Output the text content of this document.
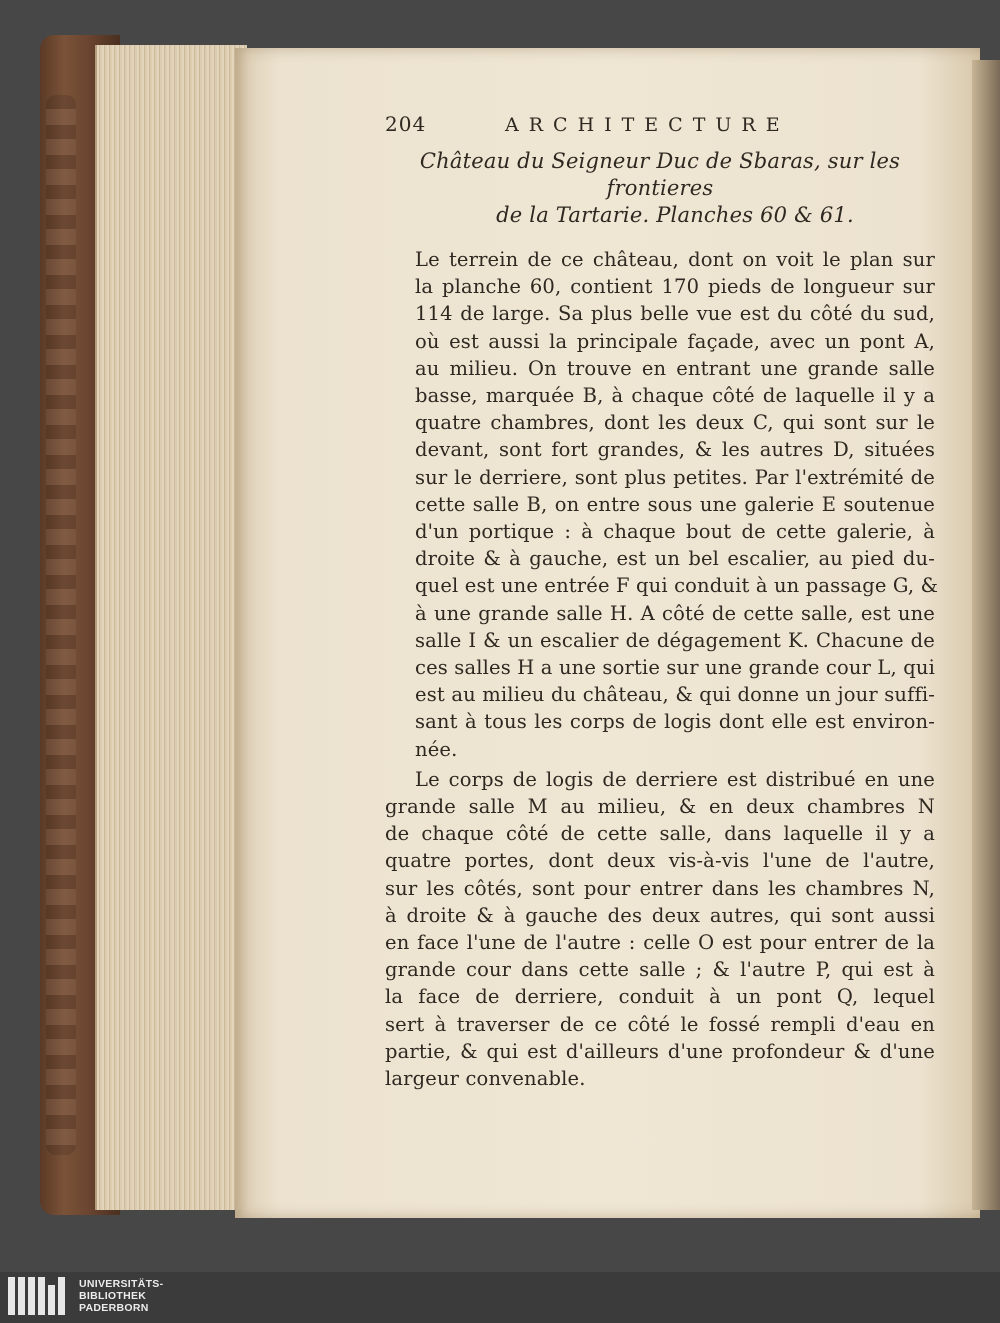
204	ARCHITECTURE
Château du Seigneur Duc de Sbaras, sur les frontieres
de la Tartarie. Planches 60 & 61.

Le terrein de ce château, dont on voit le plan sur
la planche 60, contient 170 pieds de longueur sur
114 de large. Sa plus belle vue est du côté du sud,
où est aussi la principale façade, avec un pont A,
au milieu. On trouve en entrant une grande salle
basse, marquée B, à chaque côté de laquelle il y a
quatre chambres, dont les deux C, qui sont sur le
devant, sont fort grandes, & les autres D, situées
sur le derriere, sont plus petites. Par l'extrémité de
cette salle B, on entre sous une galerie E soutenue
d'un portique : à chaque bout de cette galerie, à
droite & à gauche, est un bel escalier, au pied du-
quel est une entrée F qui conduit à un passage G, &
à une grande salle H. A côté de cette salle, est une
salle I & un escalier de dégagement K. Chacune de
ces salles H a une sortie sur une grande cour L, qui
est au milieu du château, & qui donne un jour suffi-
sant à tous les corps de logis dont elle est environ-
née.

Le corps de logis de derriere est distribué en une
grande salle M au milieu, & en deux chambres N
de chaque côté de cette salle, dans laquelle il y a
quatre portes, dont deux vis-à-vis l'une de l'autre,
sur les côtés, sont pour entrer dans les chambres N,
à droite & à gauche des deux autres, qui sont aussi
en face l'une de l'autre : celle O est pour entrer de la
grande cour dans cette salle ; & l'autre P, qui est à
la face de derriere, conduit à un pont Q, lequel
sert à traverser de ce côté le fossé rempli d'eau en
partie, & qui est d'ailleurs d'une profondeur & d'une
largeur convenable.

UNIVERSITÄTS-
BIBLIOTHEK
PADERBORN
